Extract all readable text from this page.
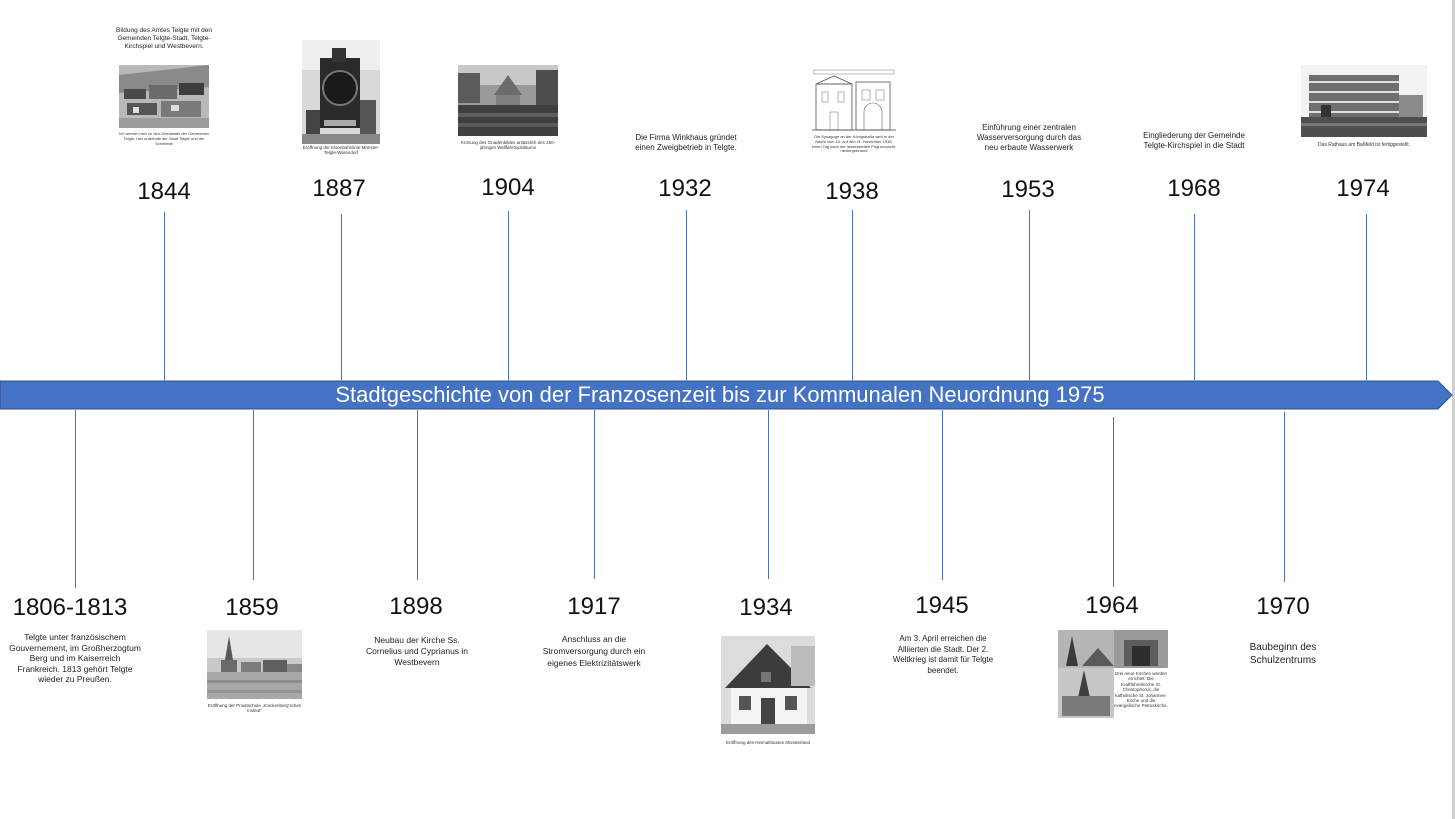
Stadtgeschichte von der Franzosenzeit bis zur Kommunalen Neuordnung 1975
Bildung des Amtes Telgte mit den Gemeinden Telgte-Stadt, Telgte-Kirchspiel und Westbevern.
Ich wende mich zu den Ortsdetails der Gemeinden Telgte, hier unterhalb der Stadt Telgte und der Schmiede
1844
Eröffnung der Eisenbahnlinie Münster-Telgte-Warendorf
1887
Krönung des Gnadenbildes anlässlich des 250-jährigen Wallfahrtsjubiläums
1904
Die Firma Winkhaus gründet einen Zweigbetrieb in Telgte.
1932
Die Synagoge an der Königstraße wird in der Nacht vom 10. auf den 11. November 1938, einen Tag nach der landesweiten Pogromnacht, niedergebrannt
1938
Einführung einer zentralen Wasserversorgung durch das neu erbaute Wasserwerk
1953
Eingliederung der Gemeinde Telgte-Kirchspiel in die Stadt
1968
Das Rathaus am Baßfeld ist fertiggestellt.
1974
1806-1813
Telgte unter französischem Gouvernement, im Großherzogtum Berg und im Kaiserreich Frankreich. 1813 gehört Telgte wieder zu Preußen.
1859
Eröffnung der Privatschule „Knickenberg'sches Institut“
1898
Neubau der Kirche Ss. Cornelius und Cyprianus in Westbevern
1917
Anschluss an die Stromversorgung durch ein eigenes Elektrizitätswerk
1934
Eröffnung des Heimathauses Münsterland
1945
Am 3. April erreichen die Alliierten die Stadt. Der 2. Weltkrieg ist damit für Telgte beendet.
1964
Drei neue Kirchen werden errichtet: Die Kraftfahrerkirche St. Christophorus, die katholische St. Johannes-Kirche und die evangelische Petruskirche.
1970
Baubeginn des Schulzentrums
